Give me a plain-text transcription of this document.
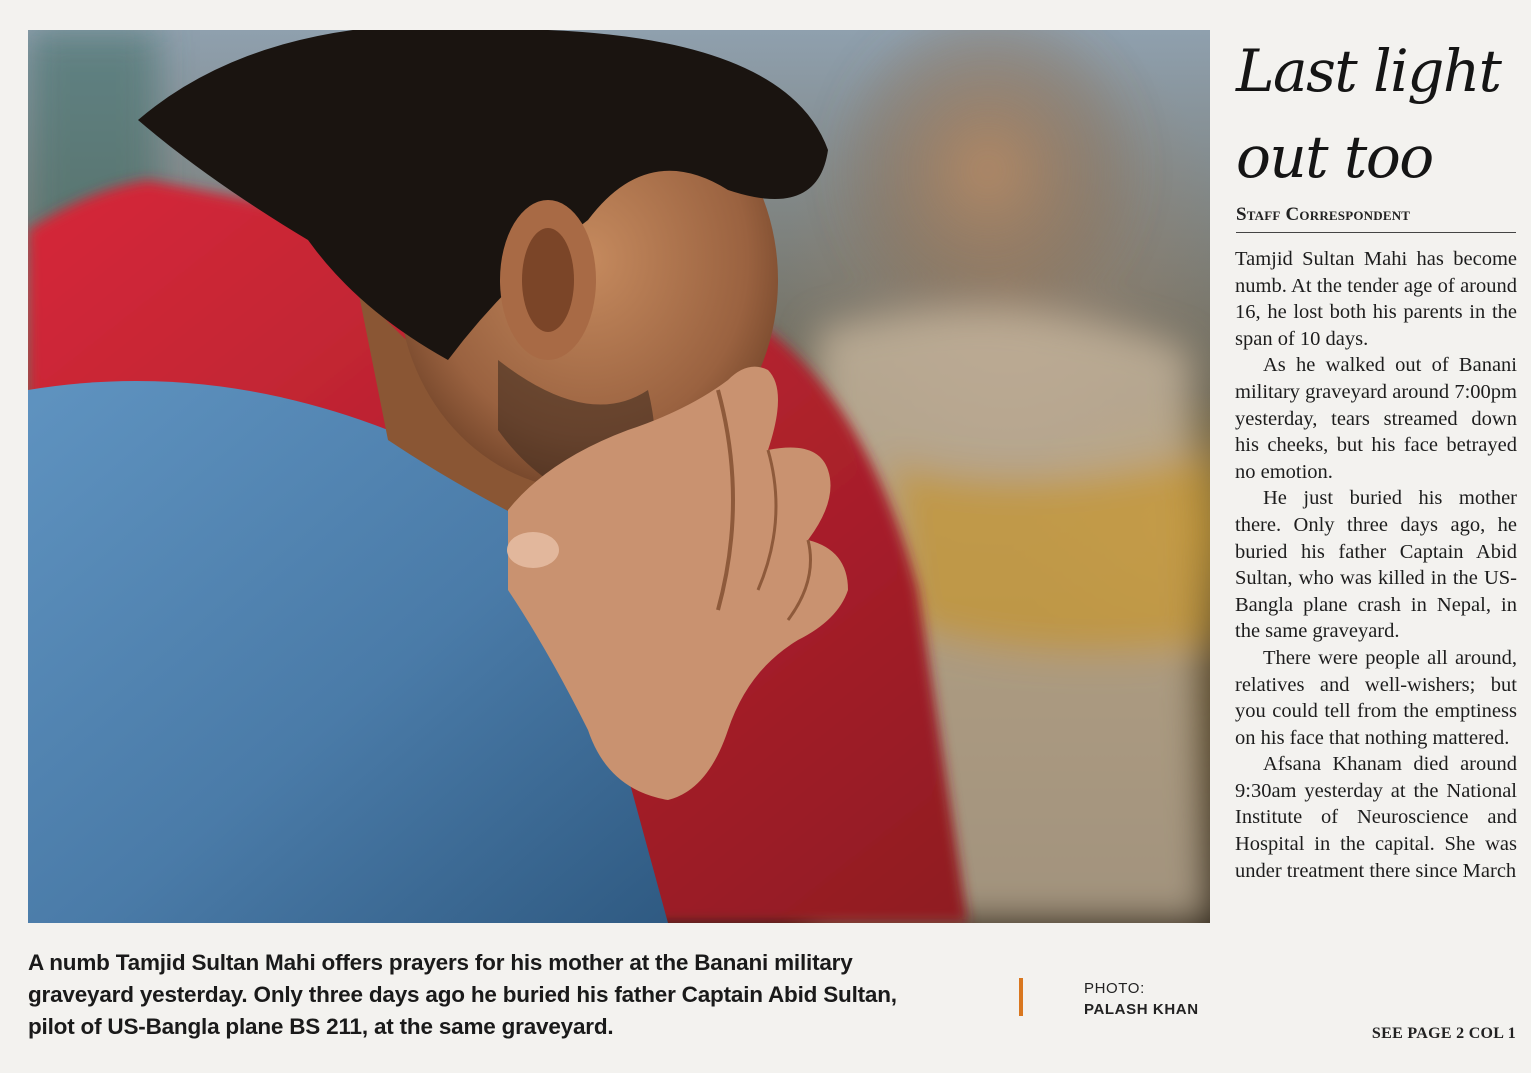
A numb Tamjid Sultan Mahi offers prayers for his mother at the Banani military graveyard yesterday. Only three days ago he buried his father Captain Abid Sultan, pilot of US-Bangla plane BS 211, at the same graveyard.

PHOTO:
PALASH KHAN
Last light
out too
Staff Correspondent

Tamjid Sultan Mahi has become numb. At the tender age of around 16, he lost both his parents in the span of 10 days.

As he walked out of Banani military graveyard around 7:00pm yesterday, tears streamed down his cheeks, but his face betrayed no emotion.

He just buried his mother there. Only three days ago, he buried his father Captain Abid Sultan, who was killed in the US-Bangla plane crash in Nepal, in the same graveyard.

There were people all around, relatives and well-wishers; but you could tell from the emptiness on his face that nothing mattered.

Afsana Khanam died around 9:30am yesterday at the National Institute of Neuroscience and Hospital in the capital. She was under treatment there since March

SEE PAGE 2 COL 1
